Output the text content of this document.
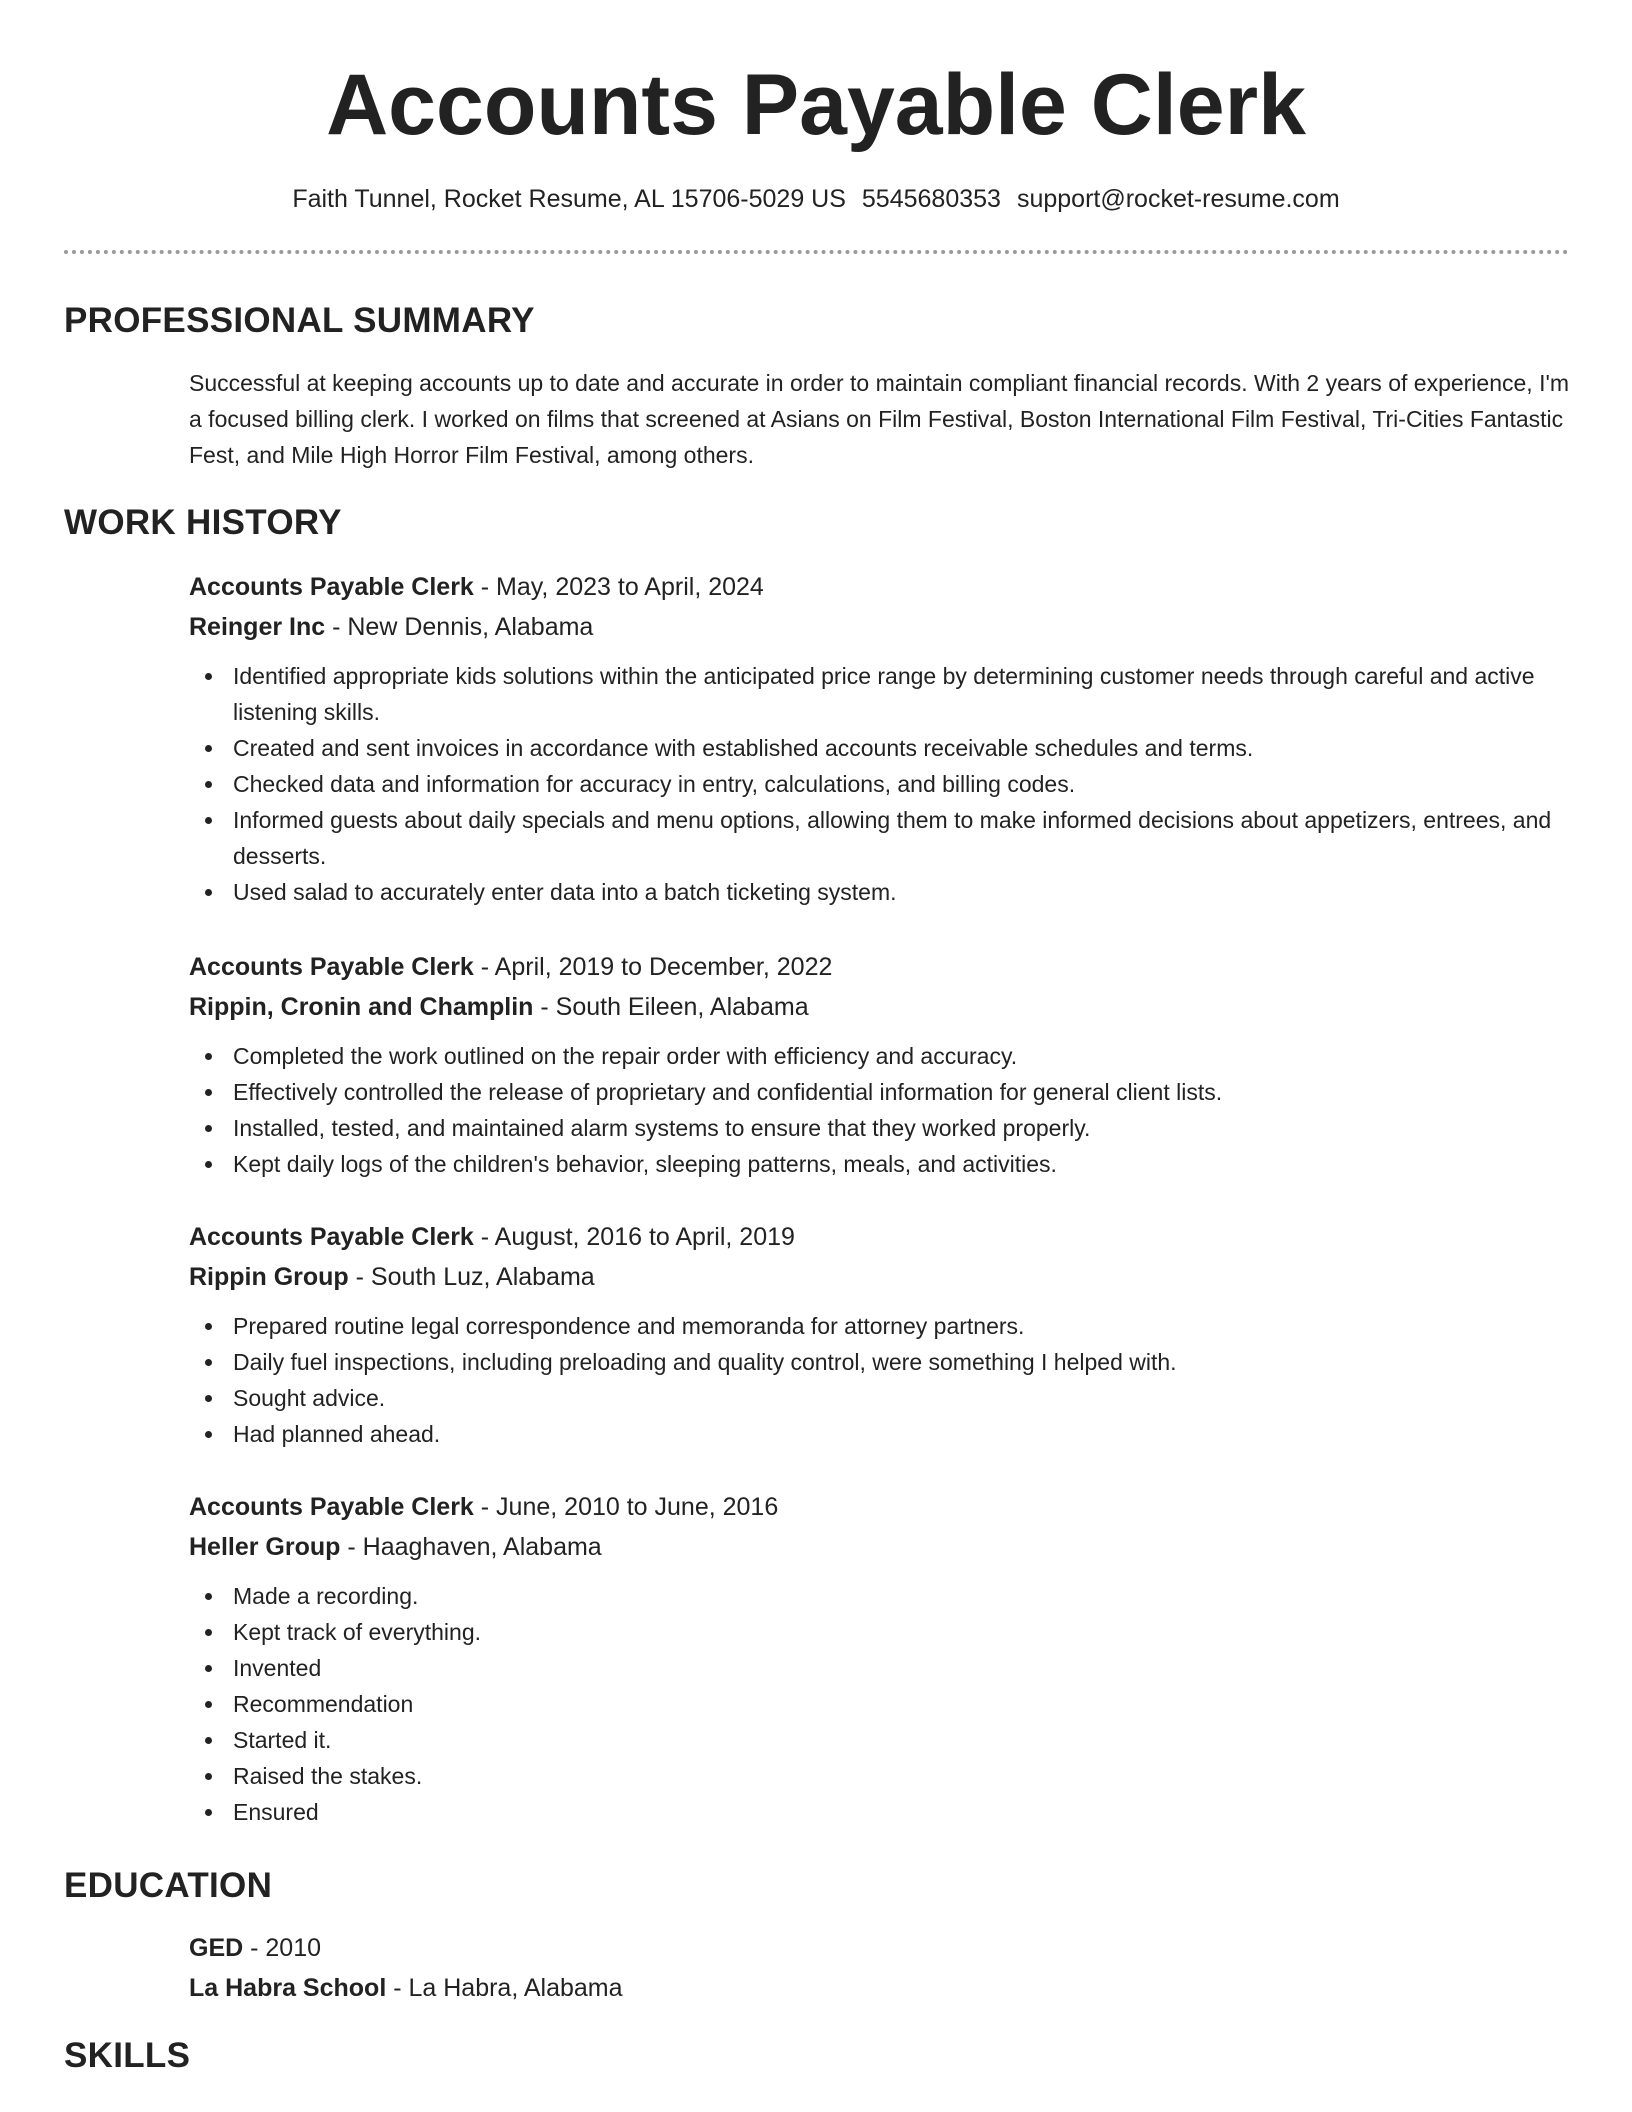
Accounts Payable Clerk
Faith Tunnel, Rocket Resume, AL 15706-5029 US 5545680353 support@rocket-resume.com
PROFESSIONAL SUMMARY
Successful at keeping accounts up to date and accurate in order to maintain compliant financial records. With 2 years of experience, I'm a focused billing clerk. I worked on films that screened at Asians on Film Festival, Boston International Film Festival, Tri-Cities Fantastic Fest, and Mile High Horror Film Festival, among others.
WORK HISTORY
Accounts Payable Clerk - May, 2023 to April, 2024
Reinger Inc - New Dennis, Alabama
Identified appropriate kids solutions within the anticipated price range by determining customer needs through careful and active listening skills.
Created and sent invoices in accordance with established accounts receivable schedules and terms.
Checked data and information for accuracy in entry, calculations, and billing codes.
Informed guests about daily specials and menu options, allowing them to make informed decisions about appetizers, entrees, and desserts.
Used salad to accurately enter data into a batch ticketing system.
Accounts Payable Clerk - April, 2019 to December, 2022
Rippin, Cronin and Champlin - South Eileen, Alabama
Completed the work outlined on the repair order with efficiency and accuracy.
Effectively controlled the release of proprietary and confidential information for general client lists.
Installed, tested, and maintained alarm systems to ensure that they worked properly.
Kept daily logs of the children's behavior, sleeping patterns, meals, and activities.
Accounts Payable Clerk - August, 2016 to April, 2019
Rippin Group - South Luz, Alabama
Prepared routine legal correspondence and memoranda for attorney partners.
Daily fuel inspections, including preloading and quality control, were something I helped with.
Sought advice.
Had planned ahead.
Accounts Payable Clerk - June, 2010 to June, 2016
Heller Group - Haaghaven, Alabama
Made a recording.
Kept track of everything.
Invented
Recommendation
Started it.
Raised the stakes.
Ensured
EDUCATION
GED - 2010
La Habra School - La Habra, Alabama
SKILLS
